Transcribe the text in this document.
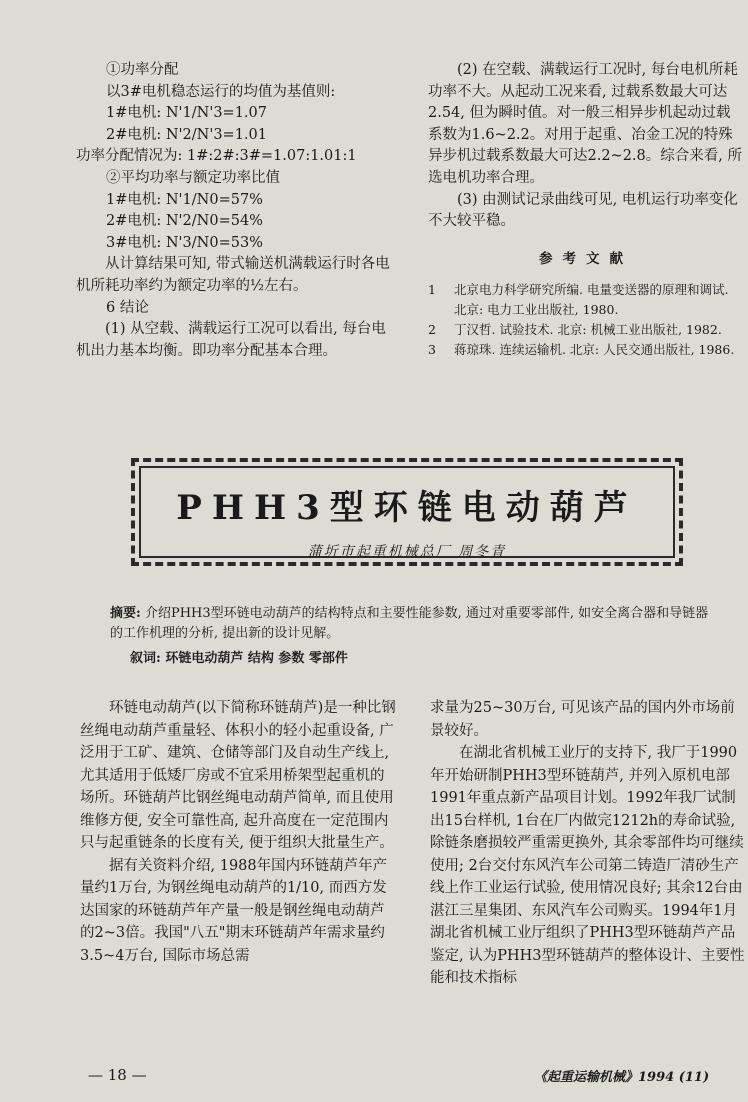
①功率分配

以3#电机稳态运行的均值为基值则:

1#电机: N'1/N'3=1.07

2#电机: N'2/N'3=1.01

功率分配情况为: 1#:2#:3#=1.07:1.01:1

②平均功率与额定功率比值

1#电机: N'1/N0=57%

2#电机: N'2/N0=54%

3#电机: N'3/N0=53%

从计算结果可知, 带式输送机满载运行时各电机所耗功率约为额定功率的½左右。

6 结论

(1) 从空载、满载运行工况可以看出, 每台电机出力基本均衡。即功率分配基本合理。

(2) 在空载、满载运行工况时, 每台电机所耗功率不大。从起动工况来看, 过载系数最大可达2.54, 但为瞬时值。对一般三相异步机起动过载系数为1.6~2.2。对用于起重、冶金工况的特殊异步机过载系数最大可达2.2~2.8。综合来看, 所选电机功率合理。

(3) 由测试记录曲线可见, 电机运行功率变化不大较平稳。

参考文献
1	北京电力科学研究所编. 电量变送器的原理和调试. 北京: 电力工业出版社, 1980.
2	丁汉哲. 试验技术. 北京: 机械工业出版社, 1982.
3	蒋琼珠. 连续运输机. 北京: 人民交通出版社, 1986.
PHH3型环链电动葫芦
蒲圻市起重机械总厂 周冬青
摘要: 介绍PHH3型环链电动葫芦的结构特点和主要性能参数, 通过对重要零部件, 如安全离合器和导链器的工作机理的分析, 提出新的设计见解。
叙词: 环链电动葫芦 结构 参数 零部件

环链电动葫芦(以下简称环链葫芦)是一种比钢丝绳电动葫芦重量轻、体积小的轻小起重设备, 广泛用于工矿、建筑、仓储等部门及自动生产线上, 尤其适用于低矮厂房或不宜采用桥架型起重机的场所。环链葫芦比钢丝绳电动葫芦简单, 而且使用维修方便, 安全可靠性高, 起升高度在一定范围内只与起重链条的长度有关, 便于组织大批量生产。

据有关资料介绍, 1988年国内环链葫芦年产量约1万台, 为钢丝绳电动葫芦的1/10, 而西方发达国家的环链葫芦年产量一般是钢丝绳电动葫芦的2~3倍。我国"八五"期末环链葫芦年需求量约3.5~4万台, 国际市场总需

求量为25~30万台, 可见该产品的国内外市场前景较好。

在湖北省机械工业厅的支持下, 我厂于1990年开始研制PHH3型环链葫芦, 并列入原机电部1991年重点新产品项目计划。1992年我厂试制出15台样机, 1台在厂内做完1212h的寿命试验, 除链条磨损较严重需更换外, 其余零部件均可继续使用; 2台交付东风汽车公司第二铸造厂清砂生产线上作工业运行试验, 使用情况良好; 其余12台由湛江三星集团、东风汽车公司购买。1994年1月湖北省机械工业厅组织了PHH3型环链葫芦产品鉴定, 认为PHH3型环链葫芦的整体设计、主要性能和技术指标

— 18 —	《起重运输机械》1994 (11)
